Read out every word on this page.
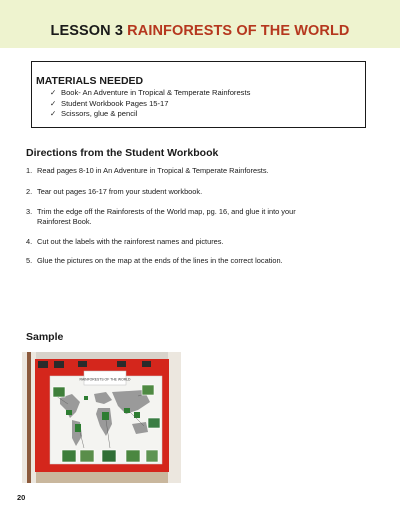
LESSON 3 RAINFORESTS OF THE WORLD
MATERIALS NEEDED
✓ Book- An Adventure in Tropical & Temperate Rainforests
✓ Student Workbook Pages 15-17
✓ Scissors, glue & pencil
Directions from the Student Workbook
1. Read pages 8-10 in An Adventure in Tropical & Temperate Rainforests.
2. Tear out pages 16-17 from your student workbook.
3. Trim the edge off the Rainforests of the World map, pg. 16, and glue it into your
Rainforest Book.
4. Cut out the labels with the rainforest names and pictures.
5. Glue the pictures on the map at the ends of the lines in the correct location.
Sample
RAINFORESTS OF THE WORLD
20
